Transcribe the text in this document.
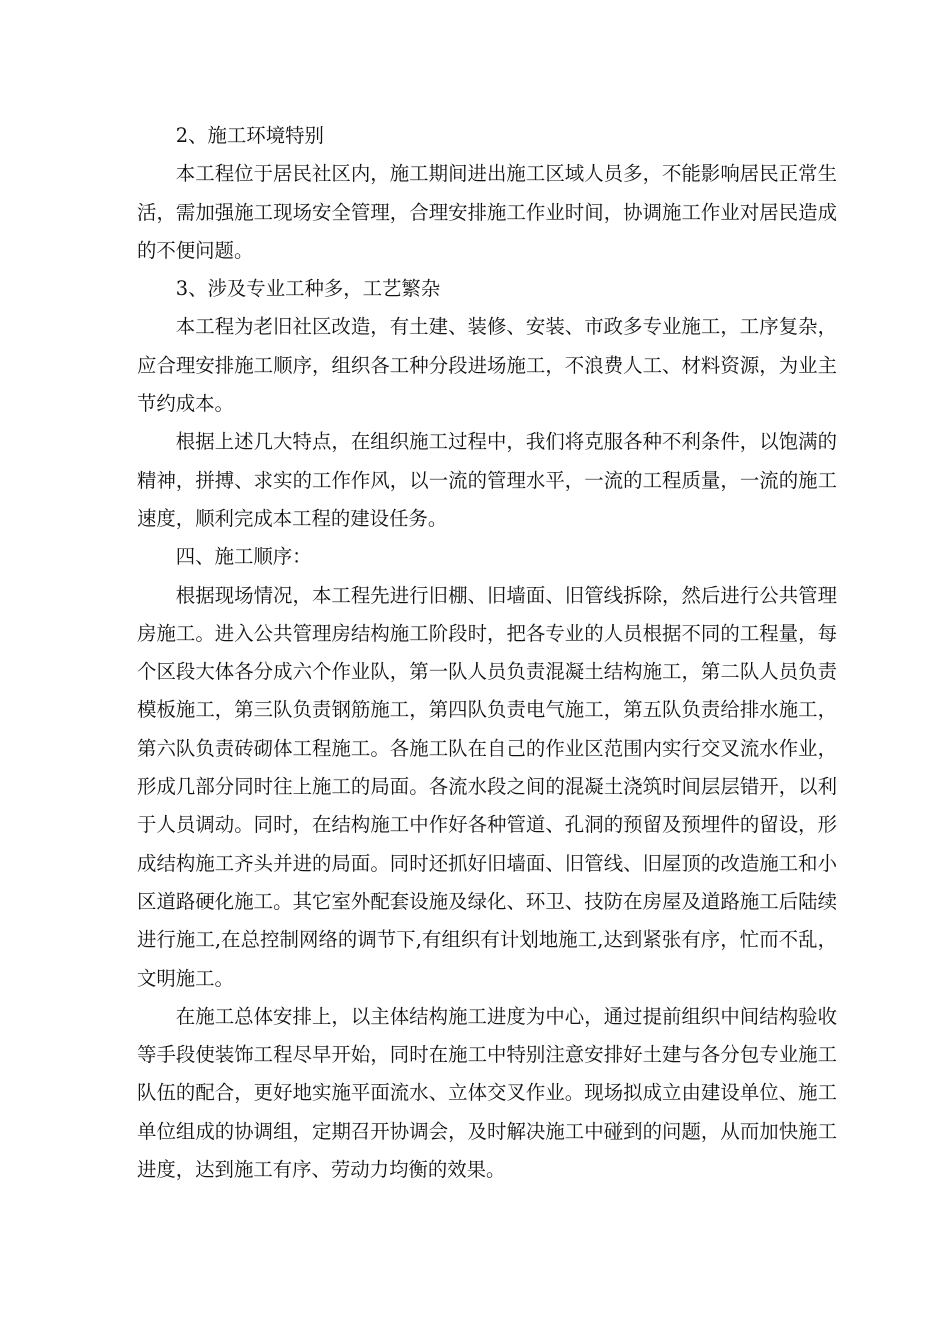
2、施工环境特别

本工程位于居民社区内，施工期间进出施工区域人员多，不能影响居民正常生活，需加强施工现场安全管理，合理安排施工作业时间，协调施工作业对居民造成的不便问题。

3、涉及专业工种多，工艺繁杂

本工程为老旧社区改造，有土建、装修、安装、市政多专业施工，工序复杂，应合理安排施工顺序，组织各工种分段进场施工，不浪费人工、材料资源，为业主节约成本。

根据上述几大特点，在组织施工过程中，我们将克服各种不利条件，以饱满的精神，拼搏、求实的工作作风，以一流的管理水平，一流的工程质量，一流的施工速度，顺利完成本工程的建设任务。

四、施工顺序：

根据现场情况，本工程先进行旧棚、旧墙面、旧管线拆除，然后进行公共管理房施工。进入公共管理房结构施工阶段时，把各专业的人员根据不同的工程量，每个区段大体各分成六个作业队，第一队人员负责混凝土结构施工，第二队人员负责模板施工，第三队负责钢筋施工，第四队负责电气施工，第五队负责给排水施工，第六队负责砖砌体工程施工。各施工队在自己的作业区范围内实行交叉流水作业，形成几部分同时往上施工的局面。各流水段之间的混凝土浇筑时间层层错开，以利于人员调动。同时，在结构施工中作好各种管道、孔洞的预留及预埋件的留设，形成结构施工齐头并进的局面。同时还抓好旧墙面、旧管线、旧屋顶的改造施工和小区道路硬化施工。其它室外配套设施及绿化、环卫、技防在房屋及道路施工后陆续进行施工,在总控制网络的调节下,有组织有计划地施工,达到紧张有序，忙而不乱，文明施工。

在施工总体安排上，以主体结构施工进度为中心，通过提前组织中间结构验收等手段使装饰工程尽早开始，同时在施工中特别注意安排好土建与各分包专业施工队伍的配合，更好地实施平面流水、立体交叉作业。现场拟成立由建设单位、施工单位组成的协调组，定期召开协调会，及时解决施工中碰到的问题，从而加快施工进度，达到施工有序、劳动力均衡的效果。
